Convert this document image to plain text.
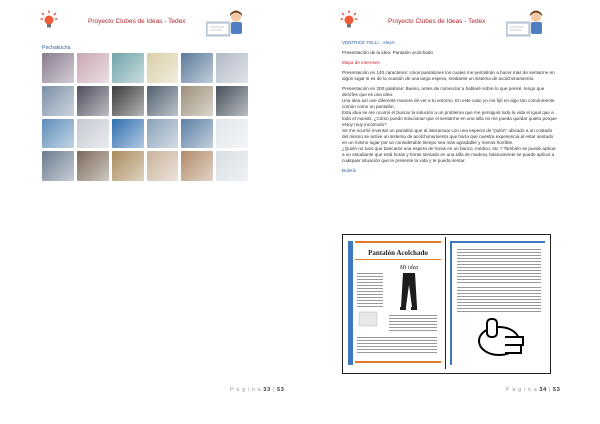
Proyecto Clubes de Ideas - Tedex
Pechakucha
P á g i n a 33 | 53
Proyecto Clubes de Ideas - Tedex

VENTRICE TELLI : Alexis

Presentación de la idea: Pantalón acolchado

Mapa de intereses

Presentación en 140 caracteres: Unos pantalones los cuales me permitirán a hacer más de sentarme en algún lugar si es de la ocasión de una larga espera, mediante un sistema de acolchonamiento.

Presentación en 200 palabras: Bueno, antes de comenzar a hablaré sobre lo que pensé, tengo que decirles que es una idea.

Una idea así une diferente manera de ver a tu entorno. En este caso yo me fijé en algo tan comúnmente común como un pantalón.

Esta idea se me ocurrió el buscar la solución a un problema que me persiguió toda la vida el igual que a todo el mundo: ¿Cómo puedo solucionar que el sentarme en una silla no me pueda quedar quieto porque estoy muy incómodo?

Se me ocurrió inventar un pantalón que al interactuar con una especie de "pulón" ubicado a un costado del mismo se active un sistema de acolchonamiento que haría que nuestra experiencia al estar sentado en un mismo lugar por un considerable tiempo sea más agradable y menos horrible.

¿Quién no tuvo que bancarse una espera de horas en un banco, médico, etc.? También se puede aplicar a un estudiante que está horas y horas sentado en una silla de madera, básicamente se puede aplicar a cualquier situación que te presente la vida y te pueda sentar.

Boletín

Pantalón Acolchado
Mi idea
P á g i n a 34 | 53
